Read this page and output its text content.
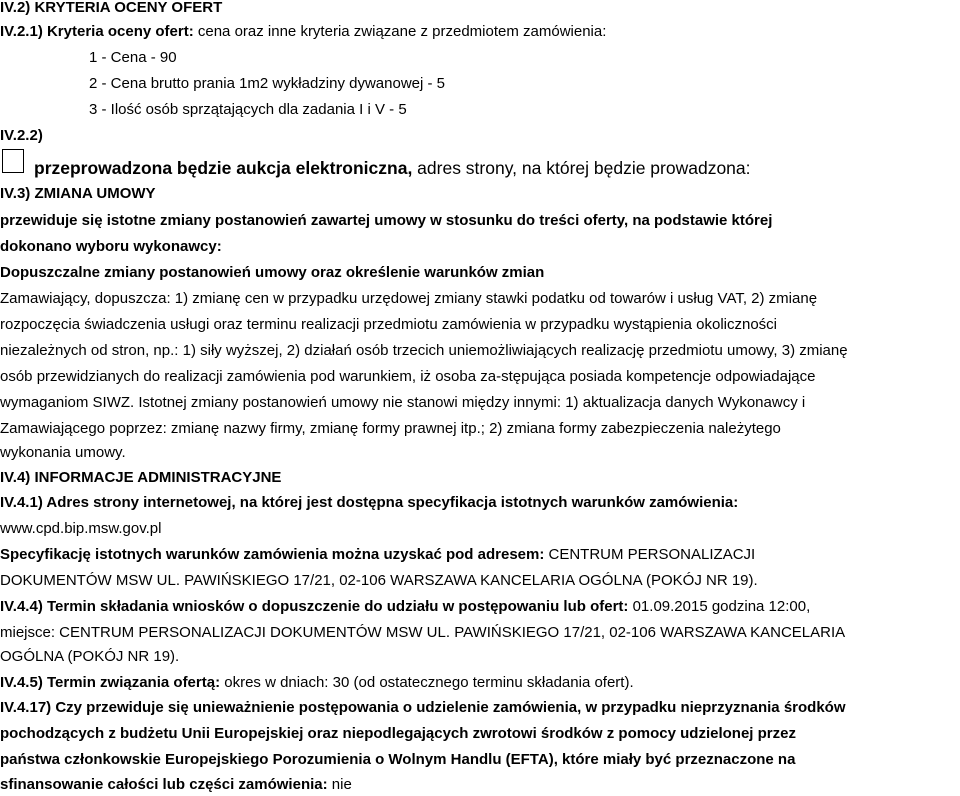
IV.2) KRYTERIA OCENY OFERT
IV.2.1) Kryteria oceny ofert: cena oraz inne kryteria związane z przedmiotem zamówienia:
1 - Cena - 90
2 - Cena brutto prania 1m2 wykładziny dywanowej - 5
3 - Ilość osób sprzątających dla zadania I i V - 5
IV.2.2)
przeprowadzona będzie aukcja elektroniczna, adres strony, na której będzie prowadzona:
IV.3) ZMIANA UMOWY
przewiduje się istotne zmiany postanowień zawartej umowy w stosunku do treści oferty, na podstawie której
dokonano wyboru wykonawcy:
Dopuszczalne zmiany postanowień umowy oraz określenie warunków zmian
Zamawiający, dopuszcza: 1) zmianę cen w przypadku urzędowej zmiany stawki podatku od towarów i usług VAT, 2) zmianę
rozpoczęcia świadczenia usługi oraz terminu realizacji przedmiotu zamówienia w przypadku wystąpienia okoliczności
niezależnych od stron, np.: 1) siły wyższej, 2) działań osób trzecich uniemożliwiających realizację przedmiotu umowy, 3) zmianę
osób przewidzianych do realizacji zamówienia pod warunkiem, iż osoba za-stępująca posiada kompetencje odpowiadające
wymaganiom SIWZ. Istotnej zmiany postanowień umowy nie stanowi między innymi: 1) aktualizacja danych Wykonawcy i
Zamawiającego poprzez: zmianę nazwy firmy, zmianę formy prawnej itp.; 2) zmiana formy zabezpieczenia należytego
wykonania umowy.
IV.4) INFORMACJE ADMINISTRACYJNE
IV.4.1) Adres strony internetowej, na której jest dostępna specyfikacja istotnych warunków zamówienia:
www.cpd.bip.msw.gov.pl
Specyfikację istotnych warunków zamówienia można uzyskać pod adresem: CENTRUM PERSONALIZACJI
DOKUMENTÓW MSW UL. PAWIŃSKIEGO 17/21, 02-106 WARSZAWA KANCELARIA OGÓLNA (POKÓJ NR 19).
IV.4.4) Termin składania wniosków o dopuszczenie do udziału w postępowaniu lub ofert: 01.09.2015 godzina 12:00,
miejsce: CENTRUM PERSONALIZACJI DOKUMENTÓW MSW UL. PAWIŃSKIEGO 17/21, 02-106 WARSZAWA KANCELARIA
OGÓLNA (POKÓJ NR 19).
IV.4.5) Termin związania ofertą: okres w dniach: 30 (od ostatecznego terminu składania ofert).
IV.4.17) Czy przewiduje się unieważnienie postępowania o udzielenie zamówienia, w przypadku nieprzyznania środków
pochodzących z budżetu Unii Europejskiej oraz niepodlegających zwrotowi środków z pomocy udzielonej przez
państwa członkowskie Europejskiego Porozumienia o Wolnym Handlu (EFTA), które miały być przeznaczone na
sfinansowanie całości lub części zamówienia: nie
